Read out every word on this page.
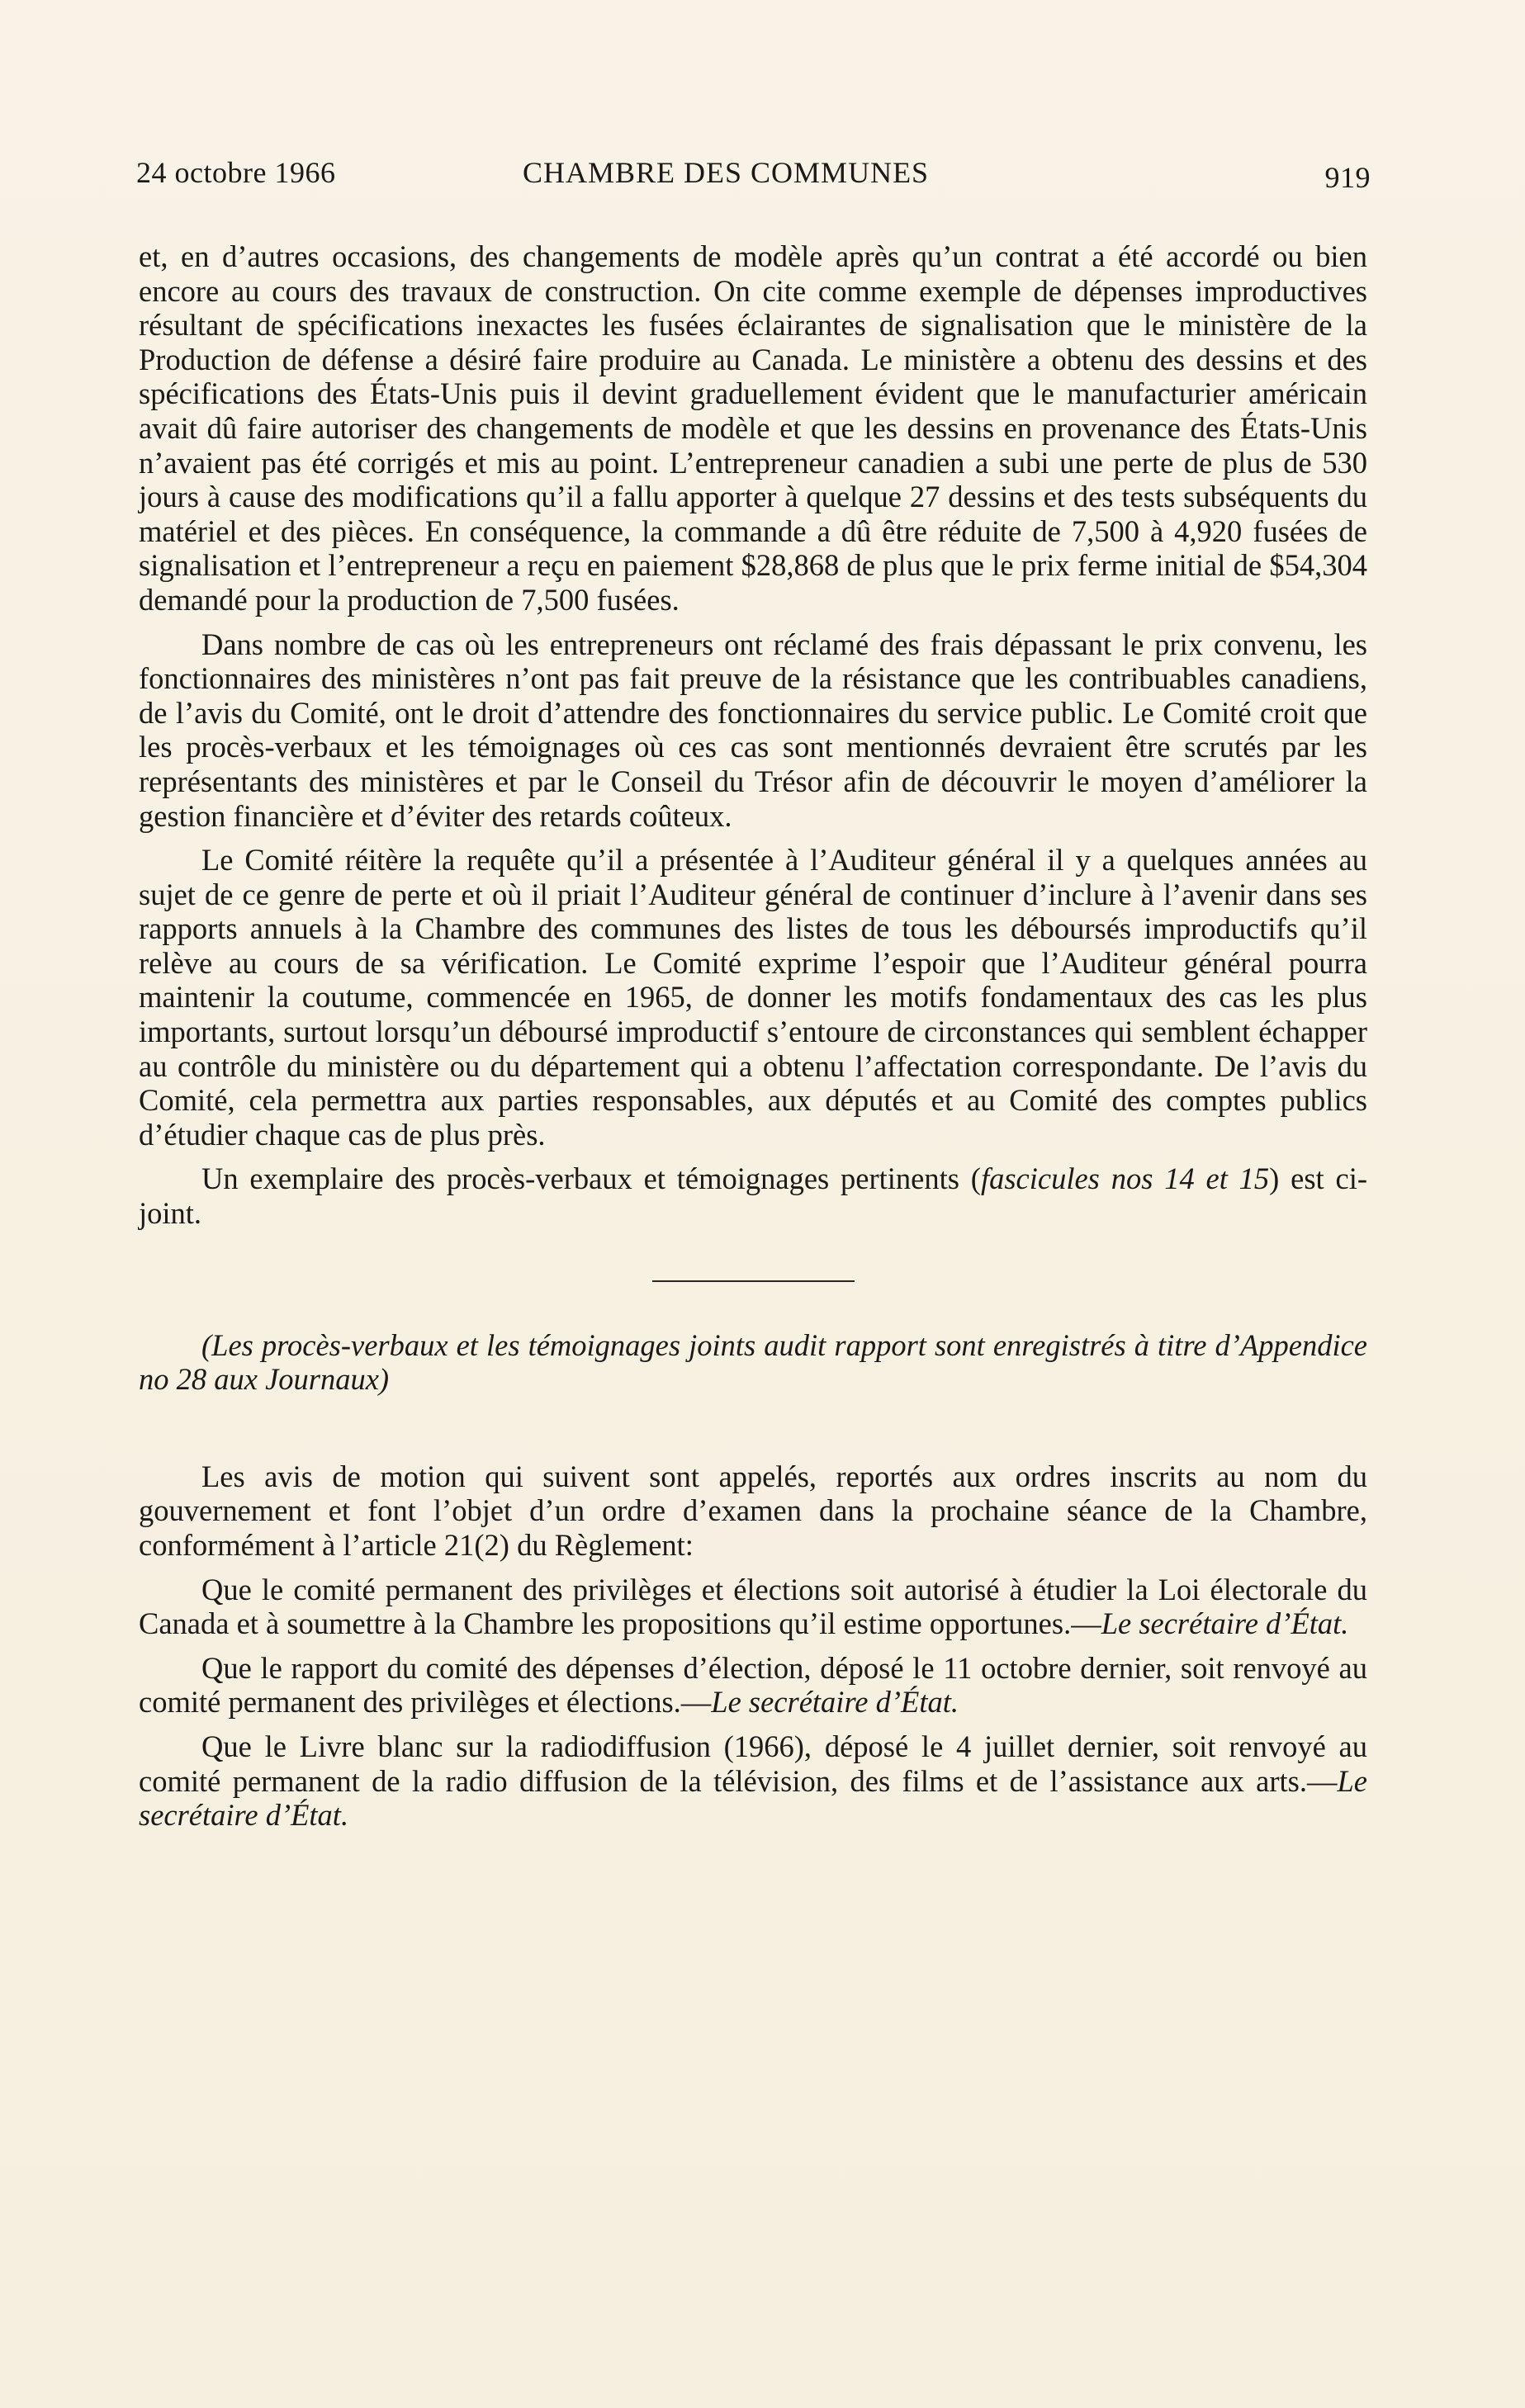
24 octobre 1966	CHAMBRE DES COMMUNES	919

et, en d’autres occasions, des changements de modèle après qu’un contrat a été accordé ou bien encore au cours des travaux de construction. On cite comme exemple de dépenses improductives résultant de spécifications inexactes les fusées éclairantes de signalisation que le ministère de la Production de défense a désiré faire produire au Canada. Le ministère a obtenu des dessins et des spécifications des États-Unis puis il devint graduellement évident que le manufacturier américain avait dû faire autoriser des changements de modèle et que les dessins en provenance des États-Unis n’avaient pas été corrigés et mis au point. L’entrepreneur canadien a subi une perte de plus de 530 jours à cause des modifications qu’il a fallu apporter à quelque 27 dessins et des tests subséquents du matériel et des pièces. En conséquence, la commande a dû être réduite de 7,500 à 4,920 fusées de signalisation et l’entrepreneur a reçu en paiement $28,868 de plus que le prix ferme initial de $54,304 demandé pour la production de 7,500 fusées.

Dans nombre de cas où les entrepreneurs ont réclamé des frais dépassant le prix convenu, les fonctionnaires des ministères n’ont pas fait preuve de la résistance que les contribuables canadiens, de l’avis du Comité, ont le droit d’attendre des fonctionnaires du service public. Le Comité croit que les procès-verbaux et les témoignages où ces cas sont mentionnés devraient être scrutés par les représentants des ministères et par le Conseil du Trésor afin de découvrir le moyen d’améliorer la gestion financière et d’éviter des retards coûteux.

Le Comité réitère la requête qu’il a présentée à l’Auditeur général il y a quelques années au sujet de ce genre de perte et où il priait l’Auditeur général de continuer d’inclure à l’avenir dans ses rapports annuels à la Chambre des communes des listes de tous les déboursés improductifs qu’il relève au cours de sa vérification. Le Comité exprime l’espoir que l’Auditeur général pourra maintenir la coutume, commencée en 1965, de donner les motifs fondamentaux des cas les plus importants, surtout lorsqu’un déboursé improductif s’entoure de circonstances qui semblent échapper au contrôle du ministère ou du département qui a obtenu l’affectation correspondante. De l’avis du Comité, cela permettra aux parties responsables, aux députés et au Comité des comptes publics d’étudier chaque cas de plus près.

Un exemplaire des procès-verbaux et témoignages pertinents (fascicules nos 14 et 15) est ci-joint.

(Les procès-verbaux et les témoignages joints audit rapport sont enregistrés à titre d’Appendice no 28 aux Journaux)

Les avis de motion qui suivent sont appelés, reportés aux ordres inscrits au nom du gouvernement et font l’objet d’un ordre d’examen dans la prochaine séance de la Chambre, conformément à l’article 21(2) du Règlement:

Que le comité permanent des privilèges et élections soit autorisé à étudier la Loi électorale du Canada et à soumettre à la Chambre les propositions qu’il estime opportunes.—Le secrétaire d’État.

Que le rapport du comité des dépenses d’élection, déposé le 11 octobre dernier, soit renvoyé au comité permanent des privilèges et élections.—Le secrétaire d’État.

Que le Livre blanc sur la radiodiffusion (1966), déposé le 4 juillet dernier, soit renvoyé au comité permanent de la radio diffusion de la télévision, des films et de l’assistance aux arts.—Le secrétaire d’État.
